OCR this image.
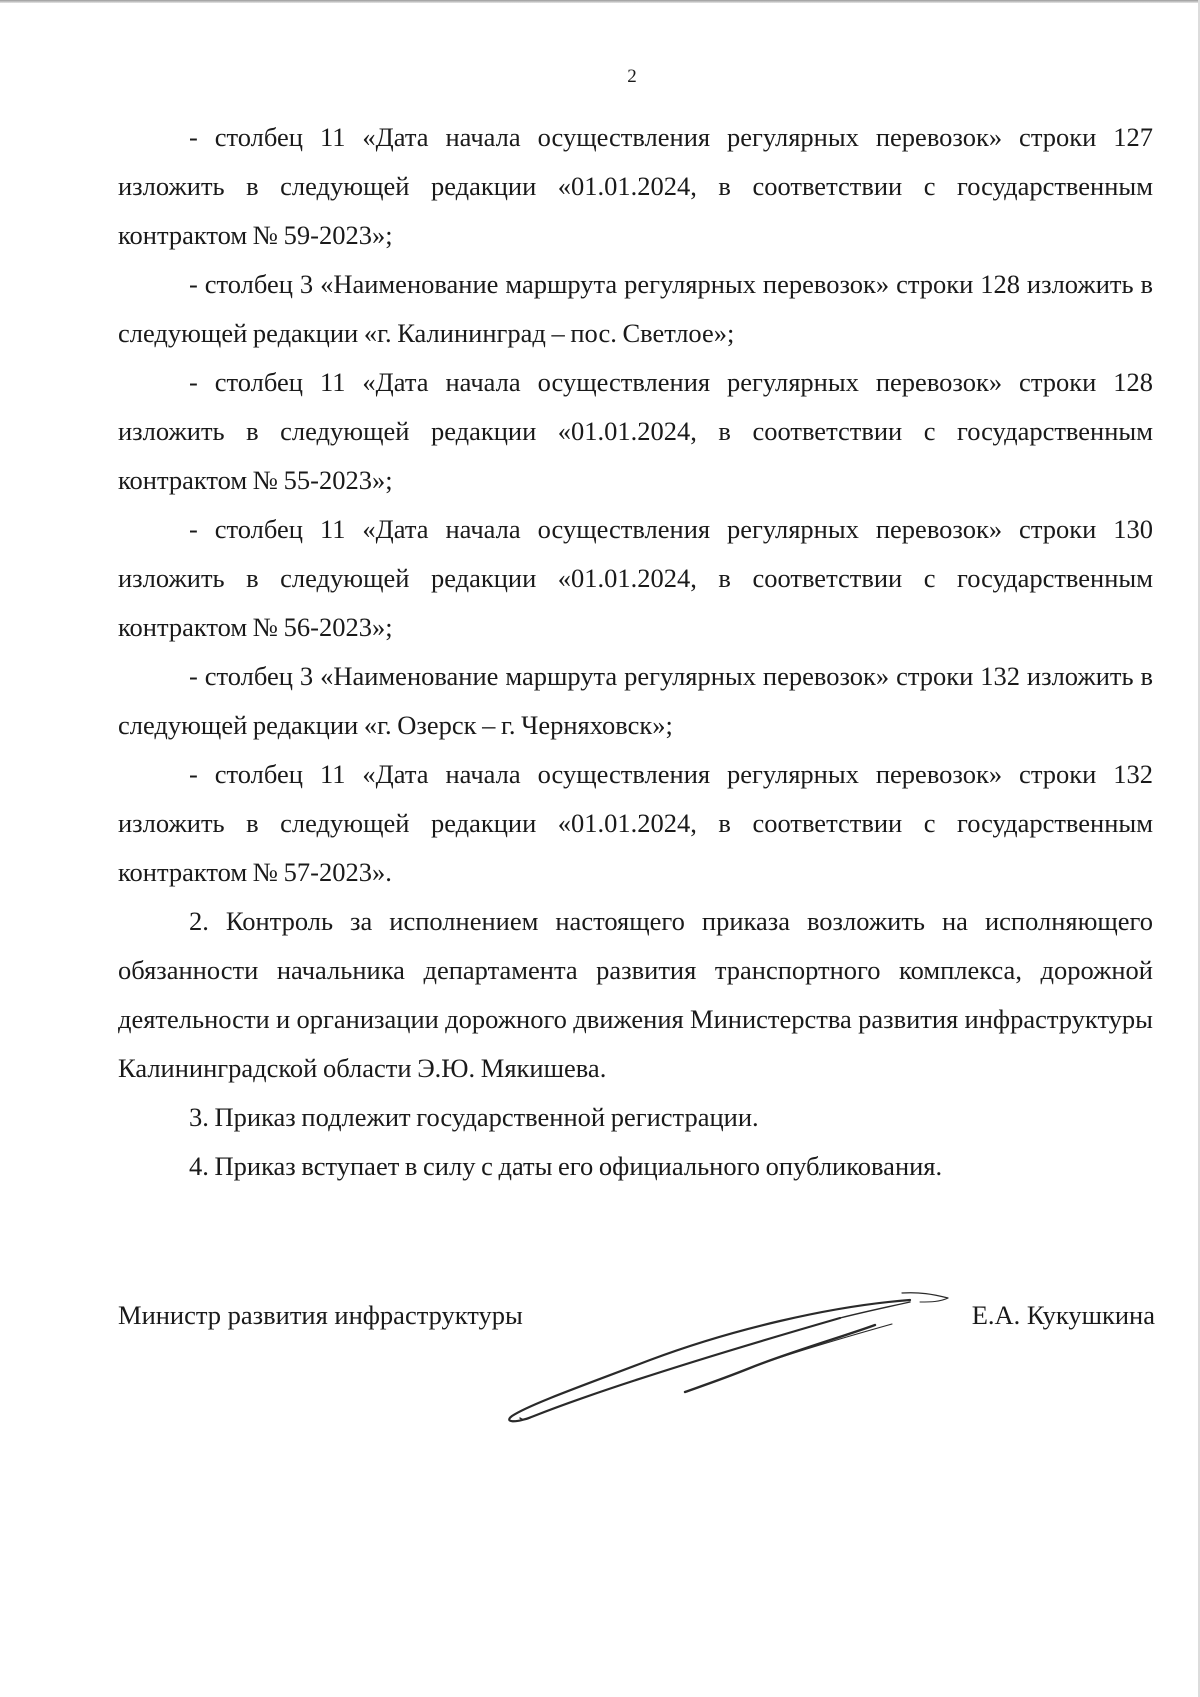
2

- столбец 11 «Дата начала осуществления регулярных перевозок» строки 127 изложить в следующей редакции «01.01.2024, в соответствии с государственным контрактом № 59-2023»;

- столбец 3 «Наименование маршрута регулярных перевозок» строки 128 изложить в следующей редакции «г. Калининград – пос. Светлое»;

- столбец 11 «Дата начала осуществления регулярных перевозок» строки 128 изложить в следующей редакции «01.01.2024, в соответствии с государственным контрактом № 55-2023»;

- столбец 11 «Дата начала осуществления регулярных перевозок» строки 130 изложить в следующей редакции «01.01.2024, в соответствии с государственным контрактом № 56-2023»;

- столбец 3 «Наименование маршрута регулярных перевозок» строки 132 изложить в следующей редакции «г. Озерск – г. Черняховск»;

- столбец 11 «Дата начала осуществления регулярных перевозок» строки 132 изложить в следующей редакции «01.01.2024, в соответствии с государственным контрактом № 57-2023».

2. Контроль за исполнением настоящего приказа возложить на исполняющего обязанности начальника департамента развития транспортного комплекса, дорожной деятельности и организации дорожного движения Министерства развития инфраструктуры Калининградской области Э.Ю. Мякишева.

3. Приказ подлежит государственной регистрации.

4. Приказ вступает в силу с даты его официального опубликования.

Министр развития инфраструктуры	Е.А. Кукушкина
